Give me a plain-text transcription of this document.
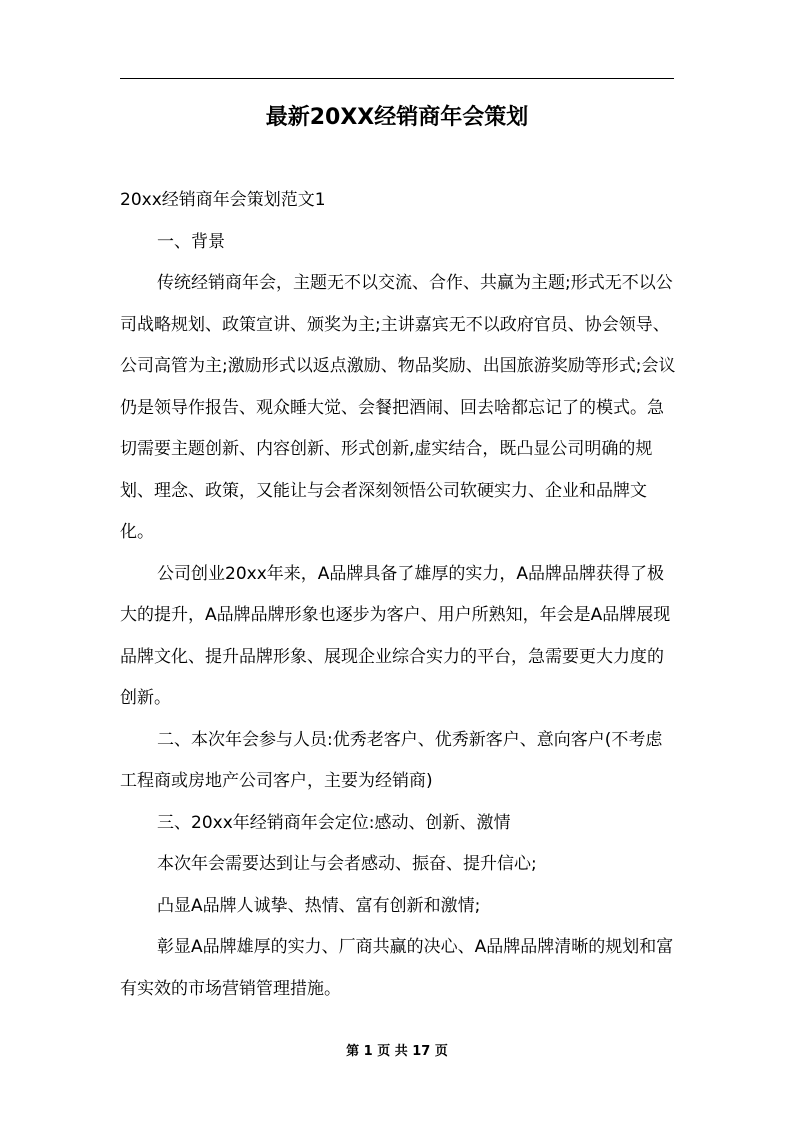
最新20XX经销商年会策划

20xx经销商年会策划范文1

一、背景

传统经销商年会，主题无不以交流、合作、共赢为主题;形式无不以公司战略规划、政策宣讲、颁奖为主;主讲嘉宾无不以政府官员、协会领导、公司高管为主;激励形式以返点激励、物品奖励、出国旅游奖励等形式;会议仍是领导作报告、观众睡大觉、会餐把酒闹、回去啥都忘记了的模式。急切需要主题创新、内容创新、形式创新,虚实结合，既凸显公司明确的规划、理念、政策，又能让与会者深刻领悟公司软硬实力、企业和品牌文化。

公司创业20xx年来，A品牌具备了雄厚的实力，A品牌品牌获得了极大的提升，A品牌品牌形象也逐步为客户、用户所熟知，年会是A品牌展现品牌文化、提升品牌形象、展现企业综合实力的平台，急需要更大力度的创新。

二、本次年会参与人员:优秀老客户、优秀新客户、意向客户(不考虑工程商或房地产公司客户，主要为经销商)

三、20xx年经销商年会定位:感动、创新、激情

本次年会需要达到让与会者感动、振奋、提升信心;

凸显A品牌人诚挚、热情、富有创新和激情;

彰显A品牌雄厚的实力、厂商共赢的决心、A品牌品牌清晰的规划和富有实效的市场营销管理措施。

第 1 页 共 17 页
